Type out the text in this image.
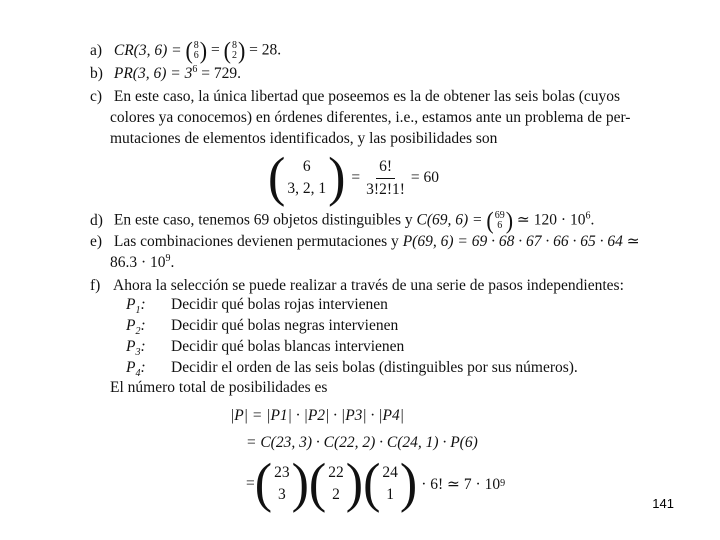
a) CR(3, 6) = ( 8
6 ) = ( 8
2 ) = 28.
b) PR(3, $6) = 3^6 = 729$.
c) En este caso, la única libertad que poseemos es la de obtener las seis bolas (cuyos
colores ya conocemos) en órdenes diferentes, i.e., estamos ante un problema de per-
mutaciones de elementos identificados, y las posibilidades son
( 6
3, 2, 1 ) = $\frac{6!}{3!2!1!} = 60$
d) En este caso, tenemos 69 objetos distinguibles y C(69, 6) = ( 69
6 ) ≃ $120 \cdot 10^6$.
e) Las combinaciones devienen permutaciones y P(69, 6) = 69 · 68 · 67 · 66 · 65 · 64 ≃
$86.3 \cdot 10^9$.
f) Ahora la selección se puede realizar a través de una serie de pasos independientes:
$P_1$: Decidir qué bolas rojas intervienen
$P_2$: Decidir qué bolas negras intervienen
$P_3$: Decidir qué bolas blancas intervienen
$P_4$: Decidir el orden de las seis bolas (distinguibles por sus números).
El número total de posibilidades es
|P| = |P1| · |P2| · |P3| · |P4|
= C(23, 3) · C(22, 2) · C(24, 1) · P(6)
= ( 23
3 ) ( 22
2 ) ( 24
1 ) · 6! ≃ 7 · 10 9
141
